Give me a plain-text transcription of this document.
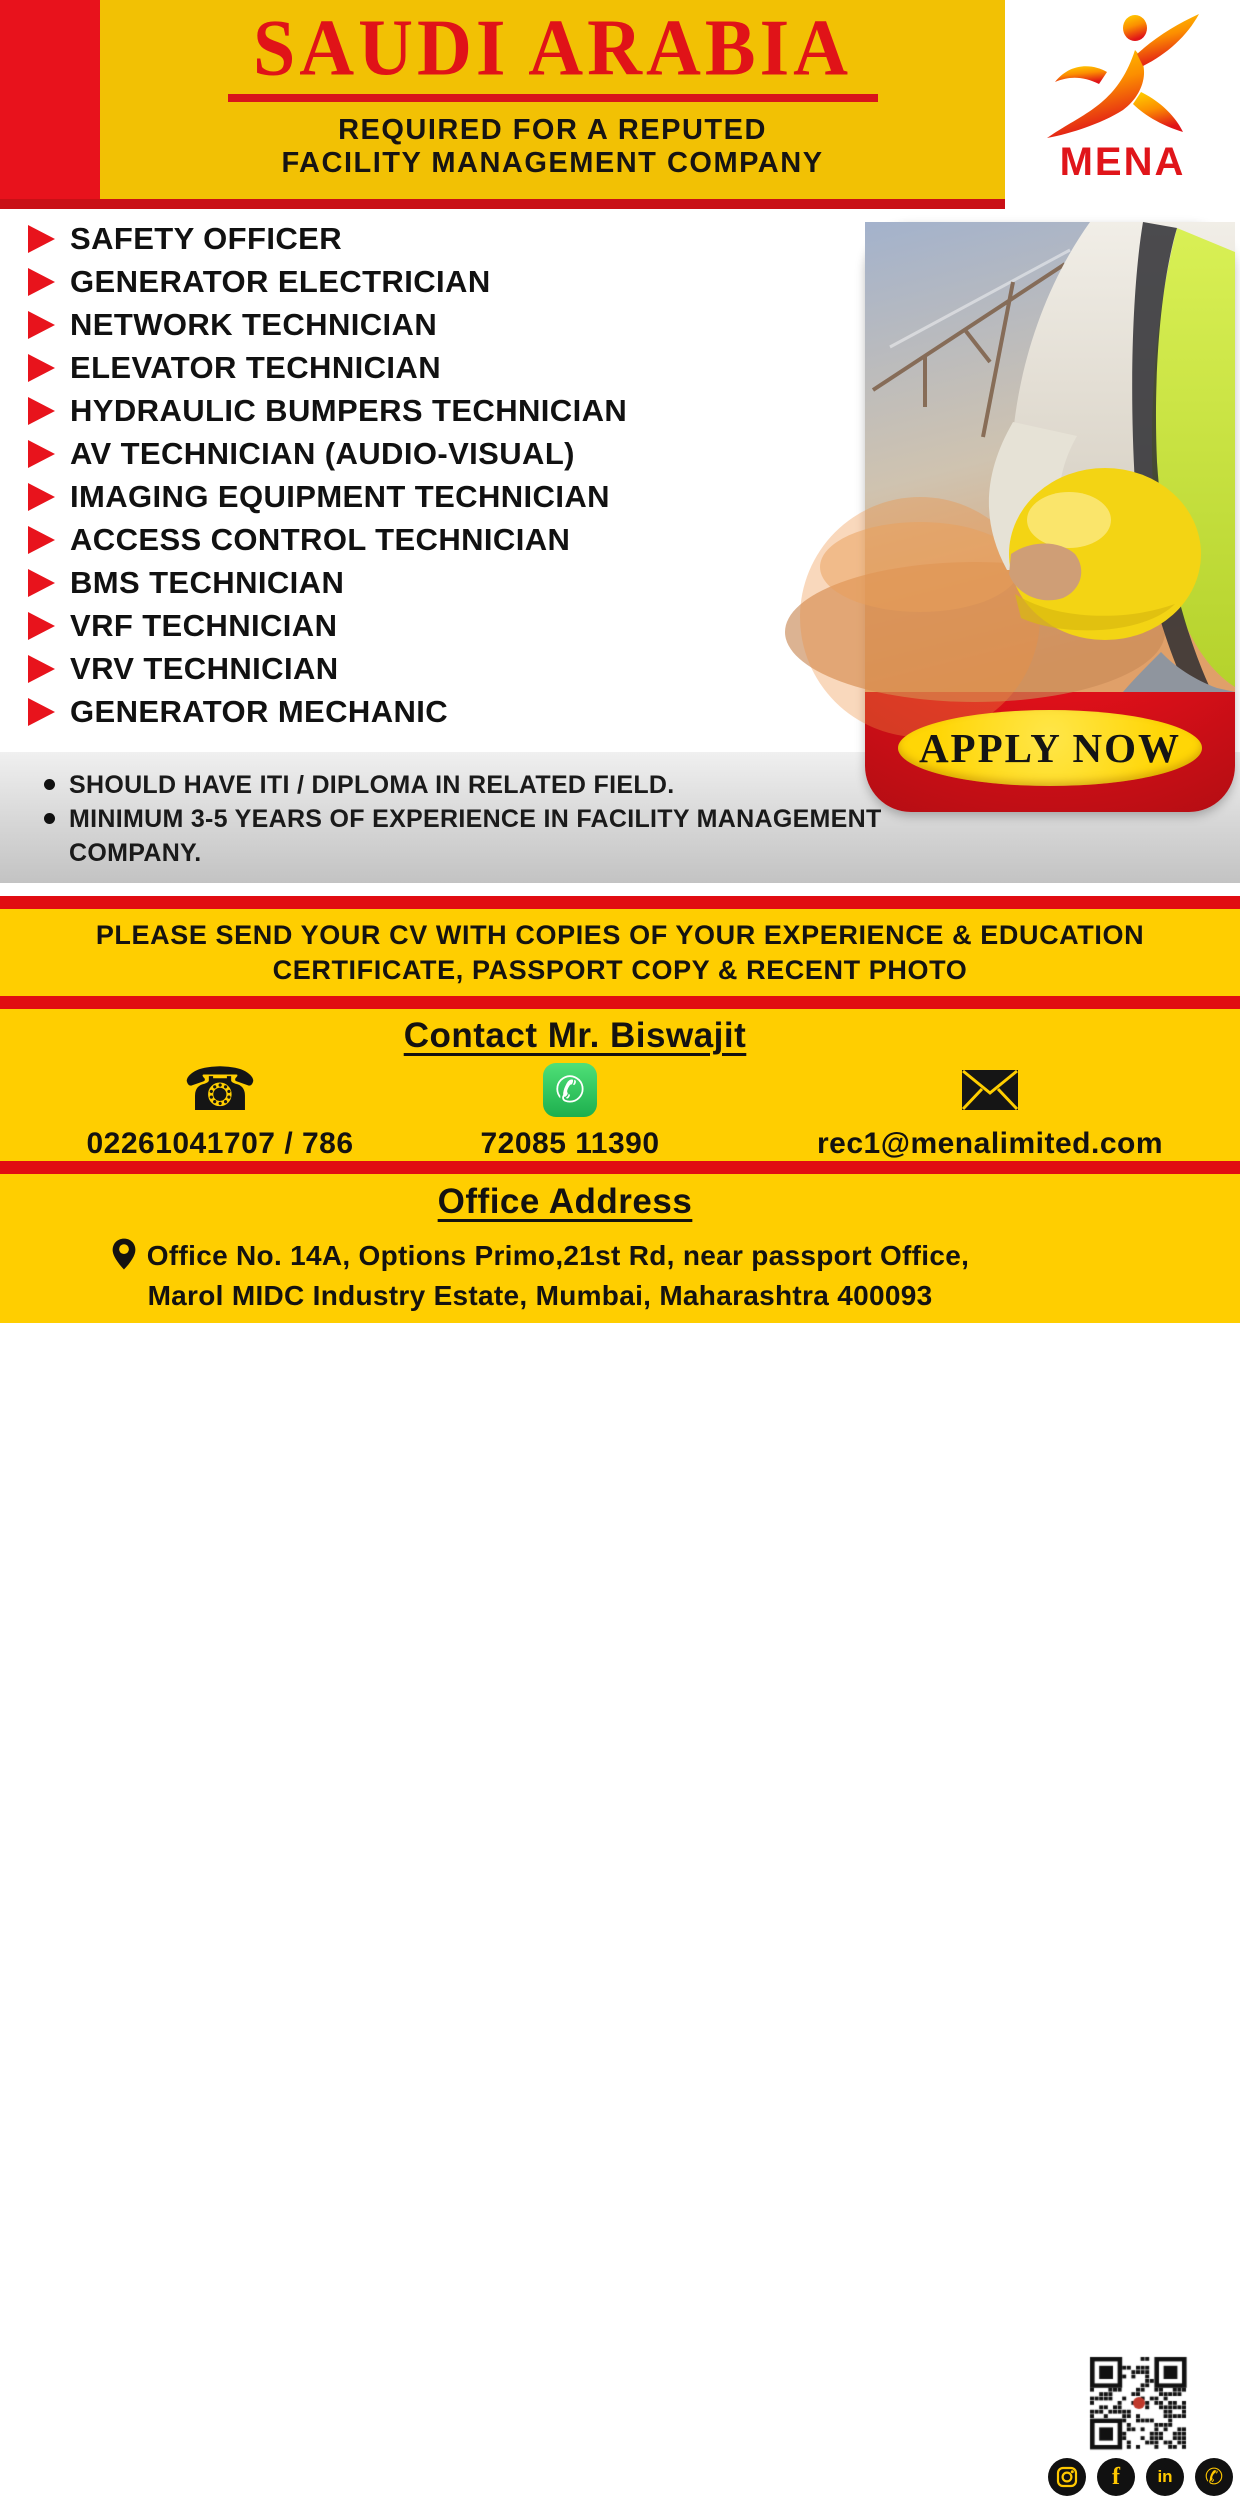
SAUDI ARABIA
REQUIRED FOR A REPUTED
FACILITY MANAGEMENT COMPANY	MENA
SAFETY OFFICER
GENERATOR ELECTRICIAN
NETWORK TECHNICIAN
ELEVATOR TECHNICIAN
HYDRAULIC BUMPERS TECHNICIAN
AV TECHNICIAN (AUDIO-VISUAL)
IMAGING EQUIPMENT TECHNICIAN
ACCESS CONTROL TECHNICIAN
BMS TECHNICIAN
VRF TECHNICIAN
VRV TECHNICIAN
GENERATOR MECHANIC
SHOULD HAVE ITI / DIPLOMA IN RELATED FIELD.
MINIMUM 3-5 YEARS OF EXPERIENCE IN FACILITY MANAGEMENT COMPANY.
APPLY NOW
PLEASE SEND YOUR CV WITH COPIES OF YOUR EXPERIENCE & EDUCATION
CERTIFICATE, PASSPORT COPY & RECENT PHOTO
Contact Mr. Biswajit
☎
02261041707 / 786
✆
72085 11390	rec1@menalimited.com
Office Address
Office No. 14A, Options Primo,21st Rd, near passport Office,
Marol MIDC Industry Estate, Mumbai, Maharashtra 400093
f in ✆
